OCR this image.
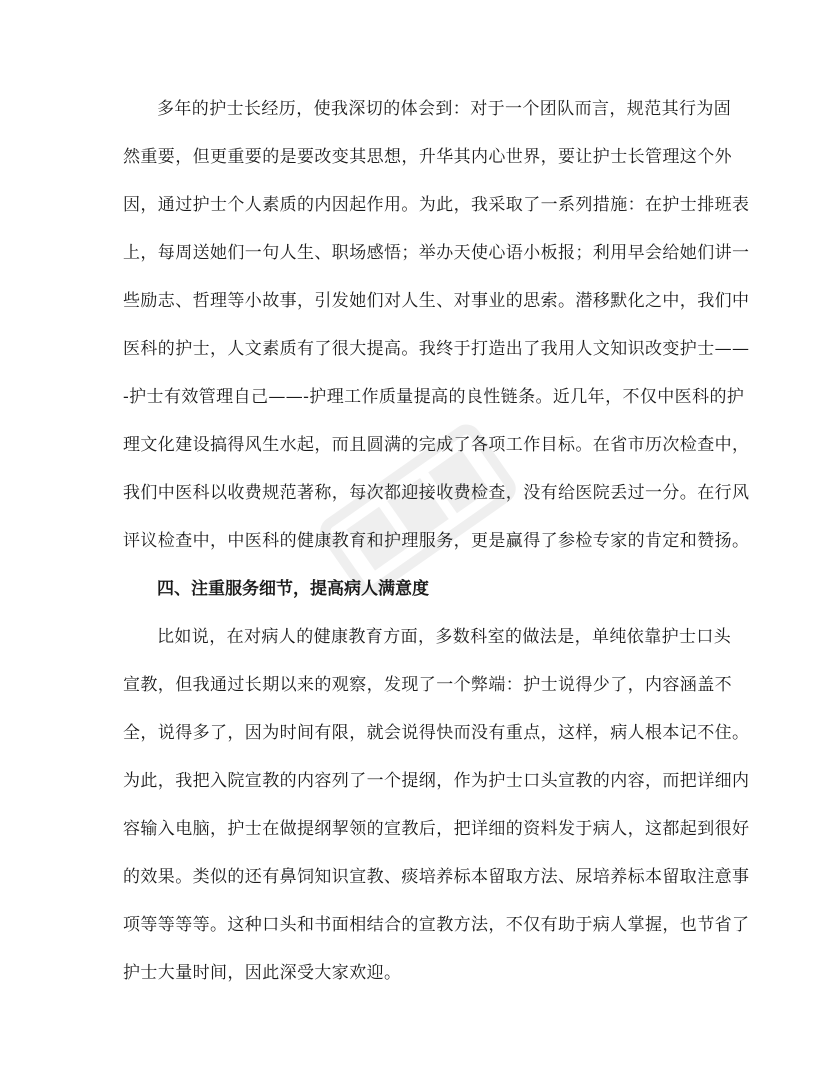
多年的护士长经历，使我深切的体会到：对于一个团队而言，规范其行为固
然重要，但更重要的是要改变其思想，升华其内心世界，要让护士长管理这个外
因，通过护士个人素质的内因起作用。为此，我采取了一系列措施：在护士排班表
上，每周送她们一句人生、职场感悟；举办天使心语小板报；利用早会给她们讲一
些励志、哲理等小故事，引发她们对人生、对事业的思索。潜移默化之中，我们中
医科的护士，人文素质有了很大提高。我终于打造出了我用人文知识改变护士——
-护士有效管理自己——-护理工作质量提高的良性链条。近几年，不仅中医科的护
理文化建设搞得风生水起，而且圆满的完成了各项工作目标。在省市历次检查中，
我们中医科以收费规范著称，每次都迎接收费检查，没有给医院丢过一分。在行风
评议检查中，中医科的健康教育和护理服务，更是赢得了参检专家的肯定和赞扬。
四、注重服务细节，提高病人满意度
比如说，在对病人的健康教育方面，多数科室的做法是，单纯依靠护士口头
宣教，但我通过长期以来的观察，发现了一个弊端：护士说得少了，内容涵盖不
全，说得多了，因为时间有限，就会说得快而没有重点，这样，病人根本记不住。
为此，我把入院宣教的内容列了一个提纲，作为护士口头宣教的内容，而把详细内
容输入电脑，护士在做提纲挈领的宣教后，把详细的资料发于病人，这都起到很好
的效果。类似的还有鼻饲知识宣教、痰培养标本留取方法、尿培养标本留取注意事
项等等等等。这种口头和书面相结合的宣教方法，不仅有助于病人掌握，也节省了
护士大量时间，因此深受大家欢迎。
